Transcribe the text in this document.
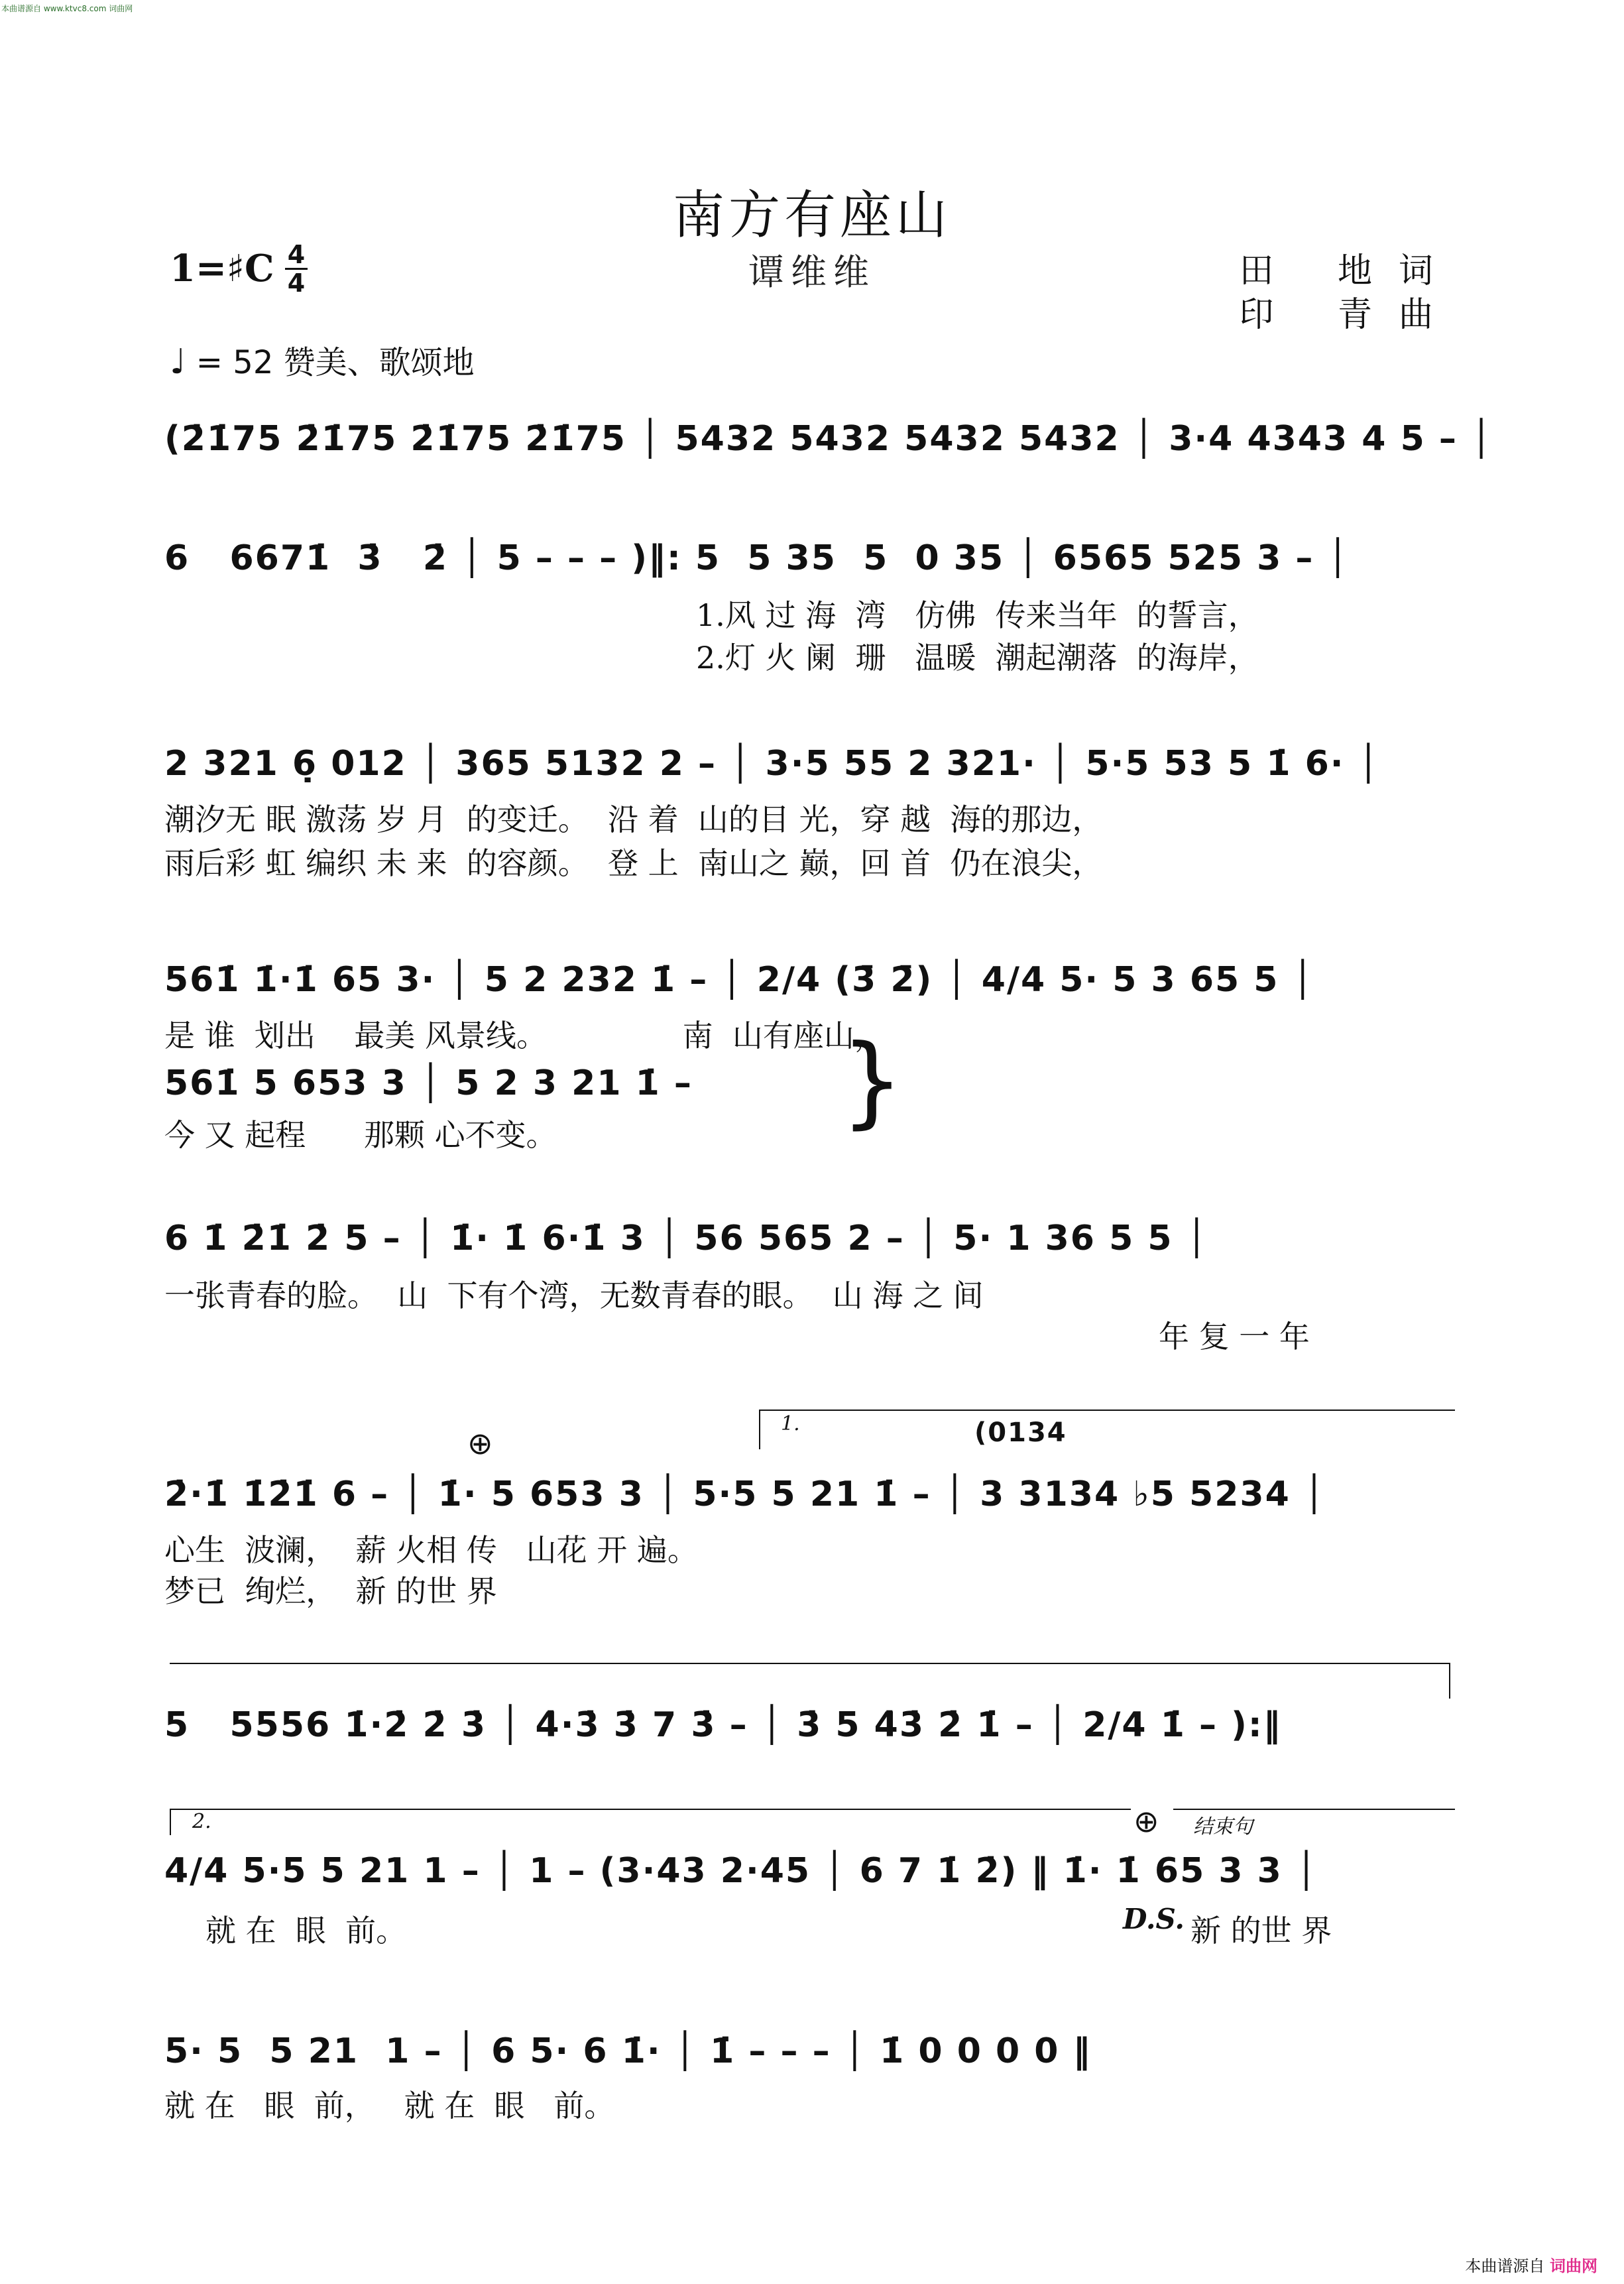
本曲谱源自 www.ktvc8.com 词曲网
南方有座山
谭维维
1=♯C 4
4	田 地词
印 青曲
♩ = 52 赞美、歌颂地
(2̇1̇75 2̇1̇75 2̇1̇75 2̇1̇75 │ 5432 5432 5432 5432 │ 3·4 4343 4 5 – │
6   6671̇  3̇   2̇ │ 5 – – – )‖: 5  5 35  5  0 35 │ 6565 525 3 – │
1.风 过 海  湾   仿佛  传来当年  的誓言，
2.灯 火 阑  珊   温暖  潮起潮落  的海岸，
2 321 6̣ 012 │ 365 5132 2 – │ 3·5 55 2 321· │ 5·5 53 5 1̇ 6· │
潮汐无 眠 激荡 岁 月  的变迁。  沿 着  山的目 光，穿 越  海的那边，
雨后彩 虹 编织 未 来  的容颜。  登 上  南山之 巅，回 首  仍在浪尖，
561̇ 1̇·1̇ 65 3· │ 5 2 232 1̇ – │ 2/4 (3̄ 2̄) │ 4/4 5· 5 3 65 5 │
是 谁  划出    最美 风景线。              南  山有座山，
561̇ 5 653 3 │ 5 2 3 21 1̇ –
今 又 起程      那颗 心不变。	}
6 1̇ 2̇1̇ 2̇ 5 – │ 1̇· 1̇ 6·1̇ 3 │ 56 565 2 – │ 5· 1 36 5 5 │
一张青春的脸。  山  下有个湾，无数青春的眼。  山 海 之 间
年 复 一 年
1.	(0134
⊕
2̇·1̇ 1̇2̇1̇ 6 – │ 1̇· 5 653 3 │ 5·5 5 21 1̇ – │ 3 3134 ♭5 5234 │
心生  波澜，  薪 火相 传   山花 开 遍。
梦已  绚烂，  新 的世 界
5   5556 1̇·2̇ 2̇ 3̇ │ 4̇·3̇ 3̇ 7 3̇ – │ 3̇ 5 4̇3̇ 2̇ 1̇ – │ 2/4 1̇ – ):‖
2.	⊕ 结束句
4/4 5·5 5 21 1 – │ 1 – (3·43 2·45 │ 6 7 1̇ 2̇) ‖ 1̇· 1̇ 65 3 3 │
就 在  眼  前。	D.S. 新 的世 界
5· 5  5 21  1 – │ 6 5· 6 1̇· │ 1̇ – – – │ 1̇ 0 0 0 0 ‖
就 在   眼  前，   就 在  眼   前。
本曲谱源自 词曲网
